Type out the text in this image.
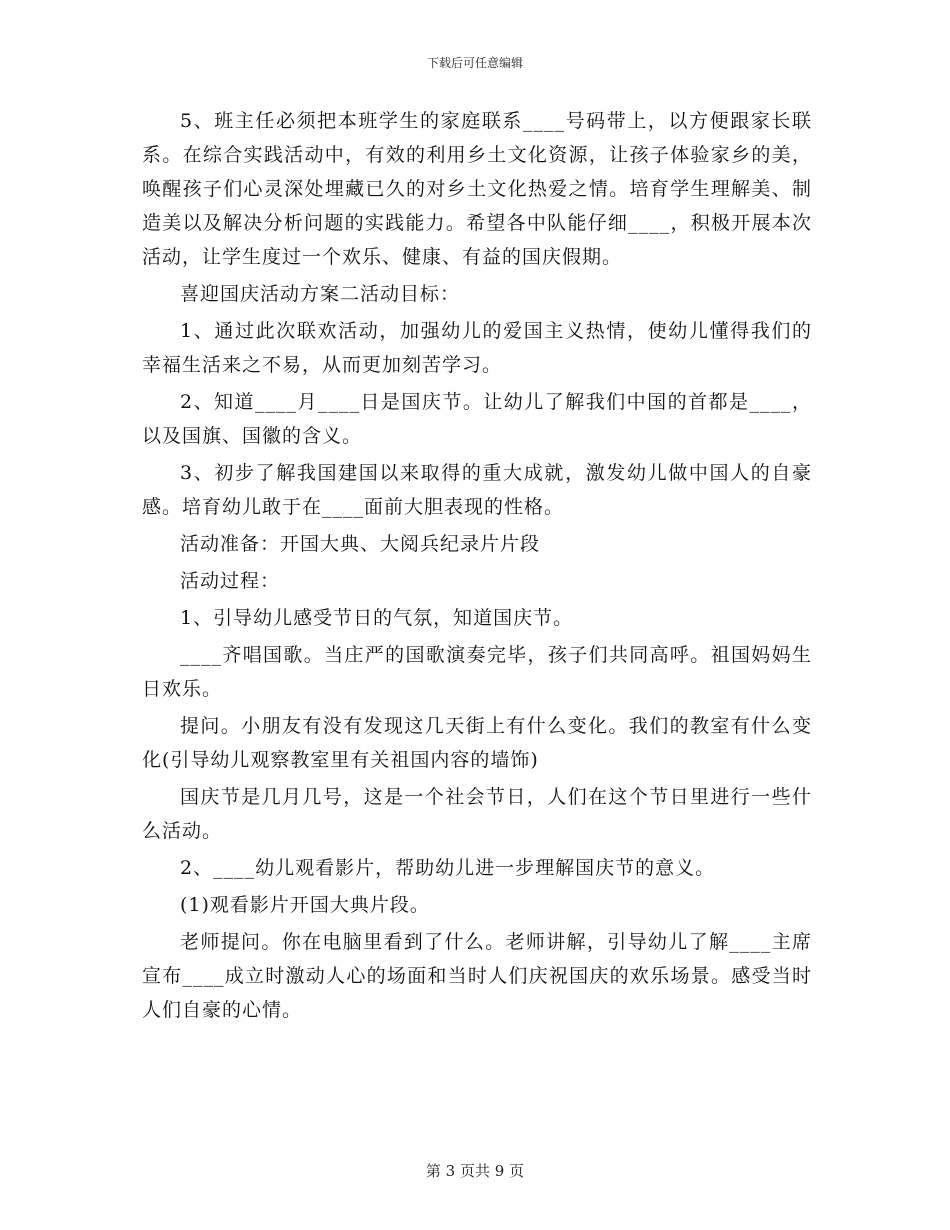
下载后可任意编辑

5、班主任必须把本班学生的家庭联系____号码带上，以方便跟家长联系。在综合实践活动中，有效的利用乡土文化资源，让孩子体验家乡的美，唤醒孩子们心灵深处埋藏已久的对乡土文化热爱之情。培育学生理解美、制造美以及解决分析问题的实践能力。希望各中队能仔细____，积极开展本次活动，让学生度过一个欢乐、健康、有益的国庆假期。

喜迎国庆活动方案二活动目标：

1、通过此次联欢活动，加强幼儿的爱国主义热情，使幼儿懂得我们的幸福生活来之不易，从而更加刻苦学习。

2、知道____月____日是国庆节。让幼儿了解我们中国的首都是____，以及国旗、国徽的含义。

3、初步了解我国建国以来取得的重大成就，激发幼儿做中国人的自豪感。培育幼儿敢于在____面前大胆表现的性格。

活动准备：开国大典、大阅兵纪录片片段

活动过程：

1、引导幼儿感受节日的气氛，知道国庆节。

____齐唱国歌。当庄严的国歌演奏完毕，孩子们共同高呼。祖国妈妈生日欢乐。

提问。小朋友有没有发现这几天街上有什么变化。我们的教室有什么变化(引导幼儿观察教室里有关祖国内容的墙饰)

国庆节是几月几号，这是一个社会节日，人们在这个节日里进行一些什么活动。

2、____幼儿观看影片，帮助幼儿进一步理解国庆节的意义。

(1)观看影片开国大典片段。

老师提问。你在电脑里看到了什么。老师讲解，引导幼儿了解____主席宣布____成立时激动人心的场面和当时人们庆祝国庆的欢乐场景。感受当时人们自豪的心情。

第 3 页共 9 页
